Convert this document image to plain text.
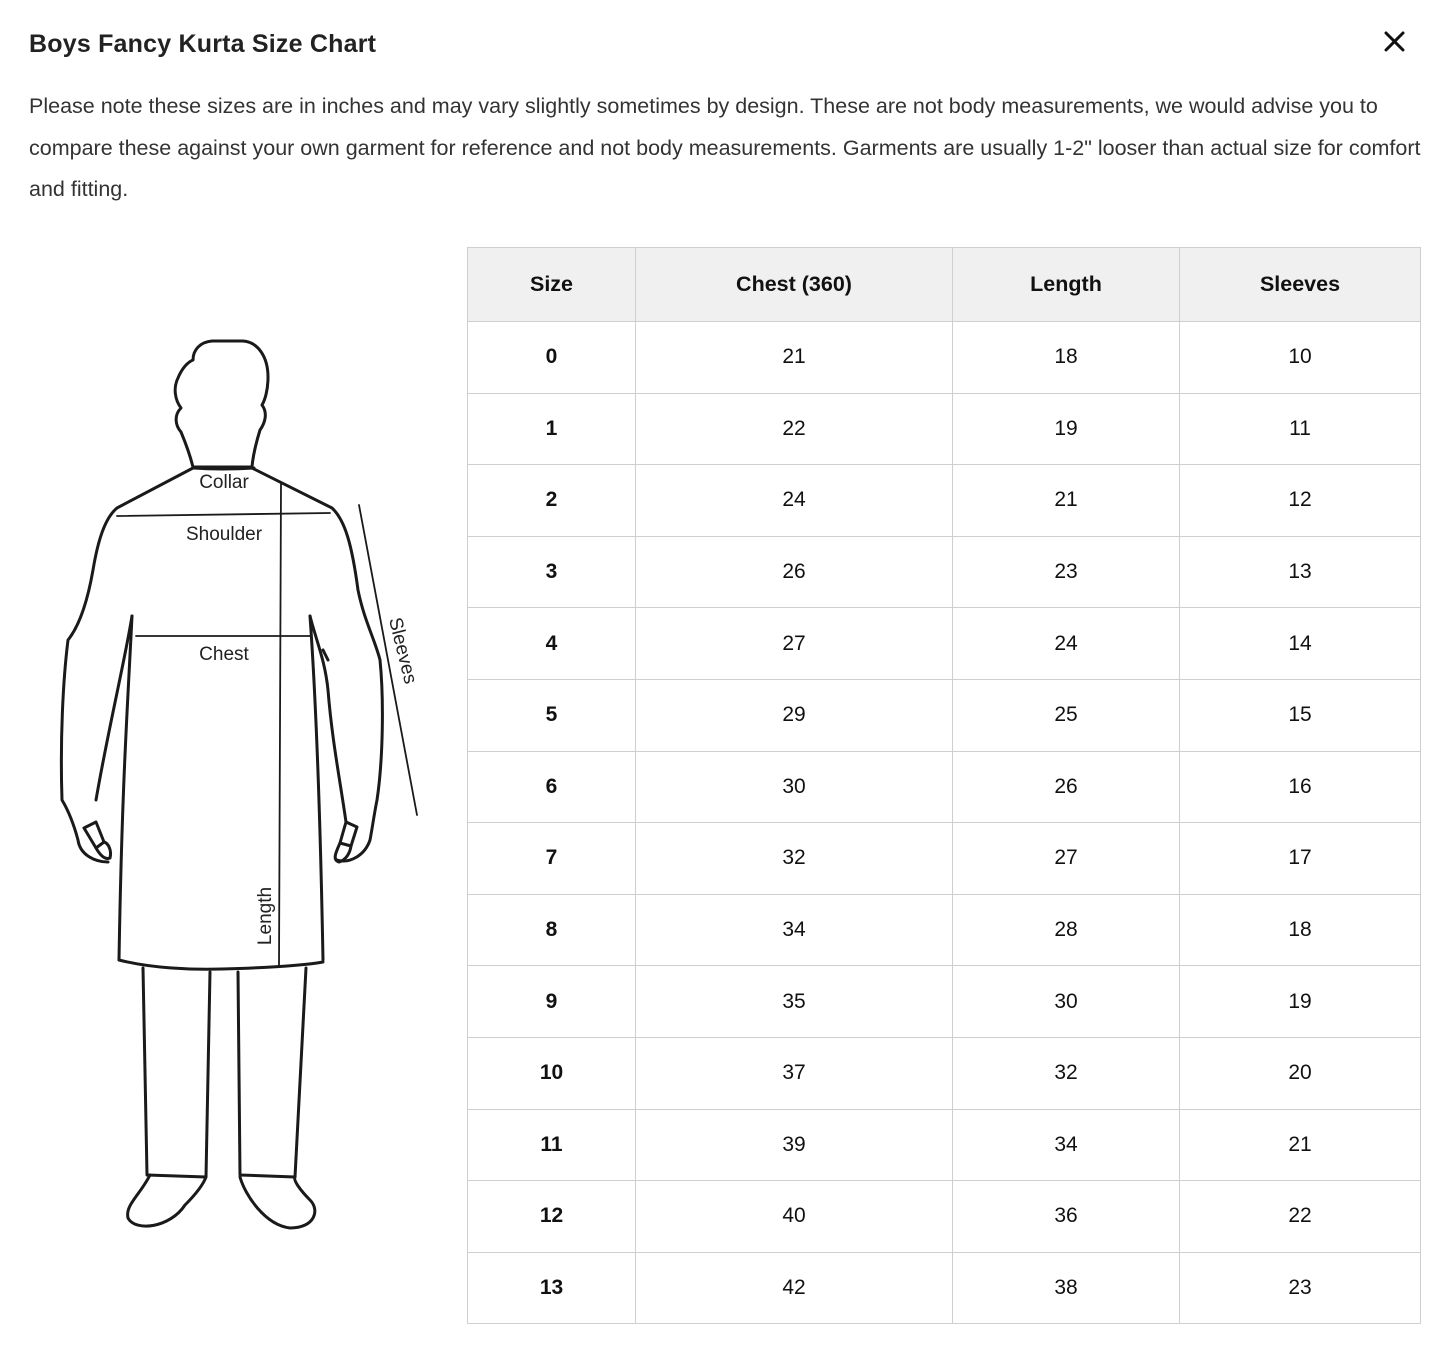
Boys Fancy Kurta Size Chart

Please note these sizes are in inches and may vary slightly sometimes by design. These are not body measurements, we would advise you to compare these against your own garment for reference and not body measurements. Garments are usually 1-2" looser than actual size for comfort and fitting.

Collar
Shoulder
Chest	Sleeves
Length
Size	Chest (360)	Length	Sleeves
0	21	18	10
1	22	19	11
2	24	21	12
3	26	23	13
4	27	24	14
5	29	25	15
6	30	26	16
7	32	27	17
8	34	28	18
9	35	30	19
10	37	32	20
11	39	34	21
12	40	36	22
13	42	38	23
